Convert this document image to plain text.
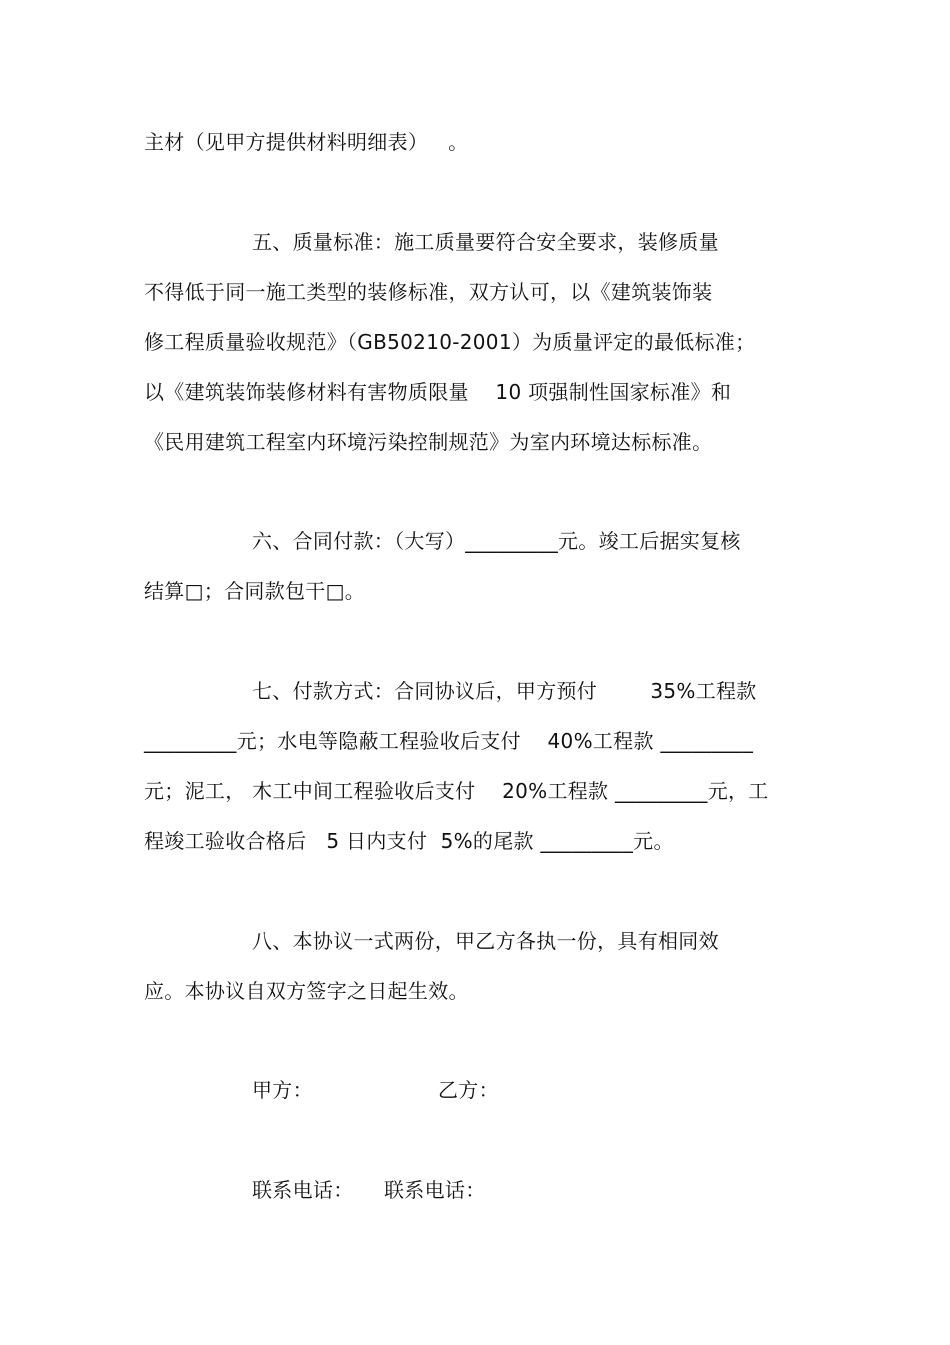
主材（见甲方提供材料明细表）   。
五、质量标准：施工质量要符合安全要求，装修质量
不得低于同一施工类型的装修标准，双方认可，以《建筑装饰装
修工程质量验收规范》（GB50210-2001）为质量评定的最低标准；
以《建筑装饰装修材料有害物质限量    10 项强制性国家标准》和
《民用建筑工程室内环境污染控制规范》为室内环境达标标准。
六、合同付款：（大写）_________元。竣工后据实复核
结算□；合同款包干□。
七、付款方式：合同协议后，甲方预付        35%工程款
_________元；水电等隐蔽工程验收后支付    40%工程款 _________
元；泥工， 木工中间工程验收后支付    20%工程款 _________元，工
程竣工验收合格后   5 日内支付  5%的尾款 _________元。
八、本协议一式两份，甲乙方各执一份，具有相同效
应。本协议自双方签字之日起生效。
甲方：	乙方：
联系电话： 联系电话：
